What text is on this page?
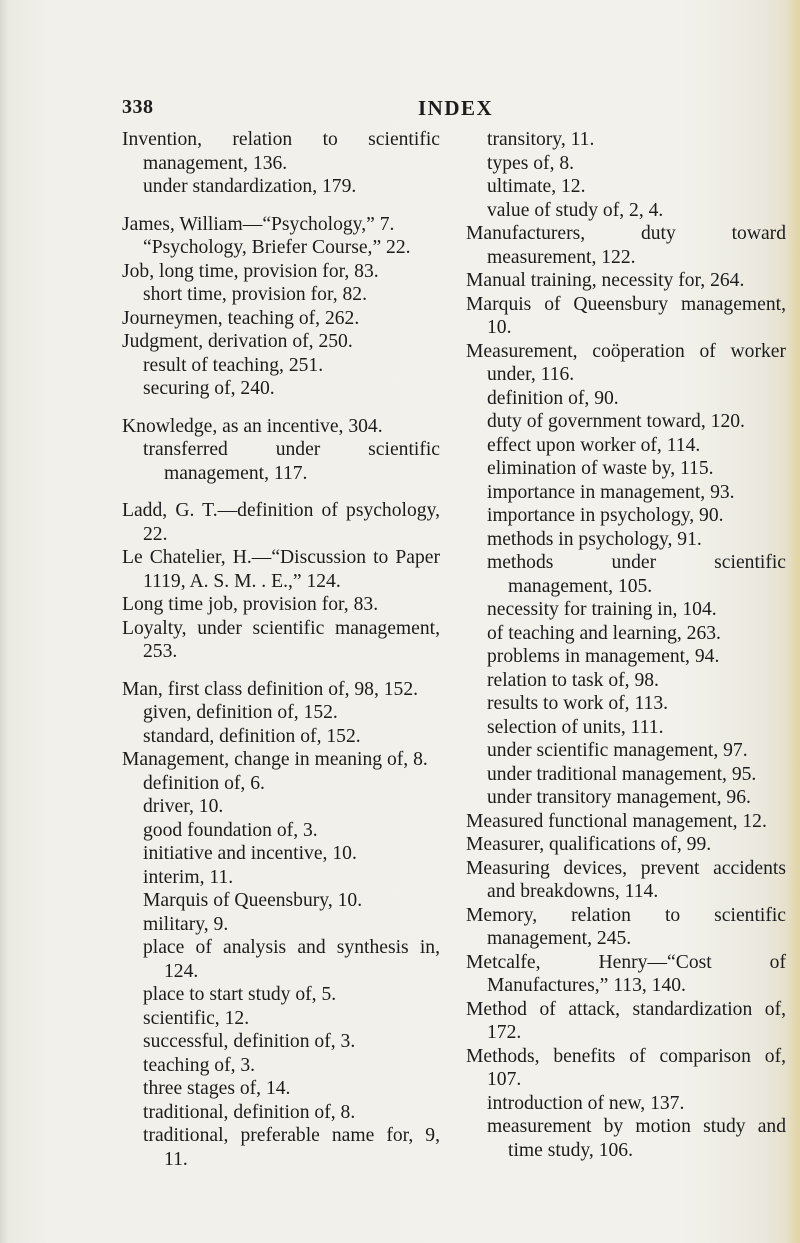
338	INDEX

Invention, relation to scientific management, 136.

under standardization, 179.

James, William—“Psychology,” 7.

“Psychology, Briefer Course,” 22.

Job, long time, provision for, 83.

short time, provision for, 82.

Journeymen, teaching of, 262.

Judgment, derivation of, 250.

result of teaching, 251.

securing of, 240.

Knowledge, as an incentive, 304.

transferred under scientific management, 117.

Ladd, G. T.—definition of psychology, 22.

Le Chatelier, H.—“Discussion to Paper 1119, A. S. M. . E.,” 124.

Long time job, provision for, 83.

Loyalty, under scientific management, 253.

Man, first class definition of, 98, 152.

given, definition of, 152.

standard, definition of, 152.

Management, change in meaning of, 8.

definition of, 6.

driver, 10.

good foundation of, 3.

initiative and incentive, 10.

interim, 11.

Marquis of Queensbury, 10.

military, 9.

place of analysis and synthesis in, 124.

place to start study of, 5.

scientific, 12.

successful, definition of, 3.

teaching of, 3.

three stages of, 14.

traditional, definition of, 8.

traditional, preferable name for, 9, 11.

transitory, 11.

types of, 8.

ultimate, 12.

value of study of, 2, 4.

Manufacturers, duty toward measurement, 122.

Manual training, necessity for, 264.

Marquis of Queensbury management, 10.

Measurement, coöperation of worker under, 116.

definition of, 90.

duty of government toward, 120.

effect upon worker of, 114.

elimination of waste by, 115.

importance in management, 93.

importance in psychology, 90.

methods in psychology, 91.

methods under scientific management, 105.

necessity for training in, 104.

of teaching and learning, 263.

problems in management, 94.

relation to task of, 98.

results to work of, 113.

selection of units, 111.

under scientific management, 97.

under traditional management, 95.

under transitory management, 96.

Measured functional management, 12.

Measurer, qualifications of, 99.

Measuring devices, prevent accidents and breakdowns, 114.

Memory, relation to scientific management, 245.

Metcalfe, Henry—“Cost of Manufactures,” 113, 140.

Method of attack, standardization of, 172.

Methods, benefits of comparison of, 107.

introduction of new, 137.

measurement by motion study and time study, 106.
